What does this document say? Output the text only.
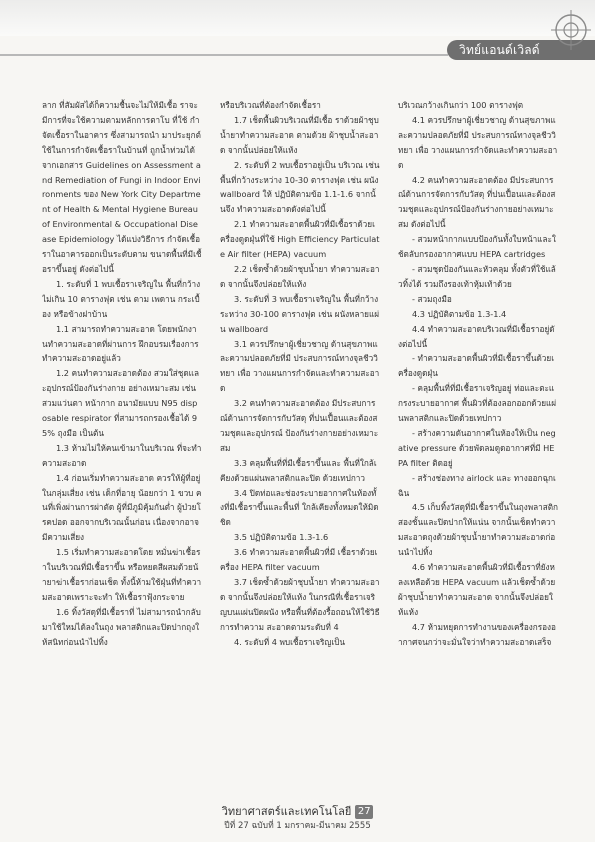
วิทย์แอนด์เวิลด์

ลาก ที่สัมผัสได้ก็ความชื้นจะไม่ให้มีเชื้อ ราจะมีการที่จะใช้ความตามหลักการตาโบ ที่ใช้ กำจัดเชื้อราในอาคาร ซึ่งสามารถนำ มาประยุกต์ใช้ในการกำจัดเชื้อราในบ้านที่ ถูกน้ำท่วมได้ จากเอกสาร Guidelines on Assessment and Remediation of Fungi in Indoor Environments ของ New York City Department of Health & Mental Hygiene Bureau of Environmental & Occupational Disease Epidemiology ได้แบ่งวิธีการ กำจัดเชื้อราในอาคารออกเป็นระดับตาม ขนาดพื้นที่มีเชื้อราขึ้นอยู่ ดังต่อไปนี้

1. ระดับที่ 1 พบเชื้อราเจริญใน พื้นที่กว้างไม่เกิน 10 ตารางฟุต เช่น ตาม เพดาน กระเบื้อง หรือข้างฝาบ้าน

1.1 สามารถทำความสะอาด โดยพนักงานทำความสะอาดที่ผ่านการ ฝึกอบรมเรื่องการทำความสะอาดอยู่แล้ว

1.2 คนทำความสะอาดต้อง สวมใส่ชุดและอุปกรณ์ป้องกันร่างกาย อย่างเหมาะสม เช่น สวมแว่นตา หน้ากาก อนามัยแบบ N95 disposable respirator ที่สามารถกรองเชื้อได้ 95% ถุงมือ เป็นต้น

1.3 ห้ามไม่ให้คนเข้ามาในบริเวณ ที่จะทำความสะอาด

1.4 ก่อนเริ่มทำความสะอาด ควรให้ผู้ที่อยู่ในกลุ่มเสี่ยง เช่น เด็กที่อายุ น้อยกว่า 1 ขวบ คนที่เพิ่งผ่านการผ่าตัด ผู้ที่มีภูมิคุ้มกันต่ำ ผู้ป่วยโรคปอด ออกจากบริเวณนั้นก่อน เนื่องจากอาจมีความเสี่ยง

1.5 เริ่มทำความสะอาดโดย หมั่นฆ่าเชื้อราในบริเวณที่มีเชื้อราขึ้น หรือหยดสีผสมด้วยน้ำยาฆ่าเชื้อราก่อนเช็ด ทั้งนี้ห้ามใช้ฝุ่นที่ทำความสะอาดเพราะจะทำ ให้เชื้อราฟุ้งกระจาย

1.6 ทิ้งวัสดุที่มีเชื้อราที่ ไม่สามารถนำกลับมาใช้ใหม่ได้ลงในถุง พลาสติกและปิดปากถุงให้สนิทก่อนนำไปทิ้ง

หรือบริเวณที่ต้องกำจัดเชื้อรา

1.7 เช็ดพื้นผิวบริเวณที่มีเชื้อ ราด้วยผ้าชุบน้ำยาทำความสะอาด ตามด้วย ผ้าชุบน้ำสะอาด จากนั้นปล่อยให้แห้ง

2. ระดับที่ 2 พบเชื้อราอยู่เป็น บริเวณ เช่นพื้นที่กว้างระหว่าง 10-30 ตารางฟุต เช่น ผนัง wallboard ให้ ปฏิบัติตามข้อ 1.1-1.6 จากนั้นจึง ทำความสะอาดดังต่อไปนี้

2.1 ทำความสะอาดพื้นผิวที่มีเชื้อราด้วยเครื่องดูดฝุ่นที่ใช้ High Efficiency Particulate Air filter (HEPA) vacuum

2.2 เช็ดซ้ำด้วยผ้าชุบน้ำยา ทำความสะอาด จากนั้นจึงปล่อยให้แห้ง

3. ระดับที่ 3 พบเชื้อราเจริญใน พื้นที่กว้างระหว่าง 30-100 ตารางฟุต เช่น ผนังหลายแผ่น wallboard

3.1 ควรปรึกษาผู้เชี่ยวชาญ ด้านสุขภาพและความปลอดภัยที่มี ประสบการณ์ทางจุลชีววิทยา เพื่อ วางแผนการกำจัดและทำความสะอาด

3.2 คนทำความสะอาดต้อง มีประสบการณ์ด้านการจัดการกับวัสดุ ที่ปนเปื้อนและต้องสวมชุดและอุปกรณ์ ป้องกันร่างกายอย่างเหมาะสม

3.3 คลุมพื้นที่ที่มีเชื้อราขึ้นและ พื้นที่ใกล้เคียงด้วยแผ่นพลาสติกและปิด ด้วยเทปกาว

3.4 ปิดท่อและช่องระบายอากาศในห้องทั้งที่มีเชื้อราขึ้นและพื้นที่ ใกล้เคียงทั้งหมดให้มิดชิด

3.5 ปฏิบัติตามข้อ 1.3-1.6

3.6 ทำความสะอาดพื้นผิวที่มี เชื้อราด้วยเครื่อง HEPA filter vacuum

3.7 เช็ดซ้ำด้วยผ้าชุบน้ำยา ทำความสะอาด จากนั้นจึงปล่อยให้แห้ง ในกรณีที่เชื้อราเจริญบนแผ่นปิดผนัง หรือพื้นที่ต้องรื้อถอนให้ใช้วิธีการทำความ สะอาดตามระดับที่ 4

4. ระดับที่ 4 พบเชื้อราเจริญเป็น

บริเวณกว้างเกินกว่า 100 ตารางฟุต

4.1 ควรปรึกษาผู้เชี่ยวชาญ ด้านสุขภาพและความปลอดภัยที่มี ประสบการณ์ทางจุลชีววิทยา เพื่อ วางแผนการกำจัดและทำความสะอาด

4.2 คนทำความสะอาดต้อง มีประสบการณ์ด้านการจัดการกับวัสดุ ที่ปนเปื้อนและต้องสวมชุดและอุปกรณ์ป้องกันร่างกายอย่างเหมาะสม ดังต่อไปนี้

- สวมหน้ากากแบบป้องกันทั้งใบหน้าและใช้ตลับกรองอากาศแบบ HEPA cartridges

- สวมชุดป้องกันและหัวคลุม ทั้งตัวที่ใช้แล้วทิ้งได้ รวมถึงรองเท้าหุ้มเท้าด้วย

- สวมถุงมือ

4.3 ปฏิบัติตามข้อ 1.3-1.4

4.4 ทำความสะอาดบริเวณที่มีเชื้อราอยู่ดังต่อไปนี้

- ทำความสะอาดพื้นผิวที่มีเชื้อราขึ้นด้วยเครื่องดูดฝุ่น

- คลุมพื้นที่ที่มีเชื้อราเจริญอยู่ ท่อและตะแกรงระบายอากาศ พื้นผิวที่ต้องลอกออกด้วยแผ่นพลาสติกและปิดด้วยเทปกาว

- สร้างความดันอากาศในห้องให้เป็น negative pressure ด้วยพัดลมดูดอากาศที่มี HEPA filter ติดอยู่

- สร้างช่องทาง airlock และ ทางออกฉุกเฉิน

4.5 เก็บทิ้งวัสดุที่มีเชื้อราขึ้นในถุงพลาสติกสองชั้นและปิดปากให้แน่น จากนั้นเช็ดทำความสะอาดถุงด้วยผ้าชุบน้ำยาทำความสะอาดก่อนนำไปทิ้ง

4.6 ทำความสะอาดพื้นผิวที่มีเชื้อราที่ยังหลงเหลือด้วย HEPA vacuum แล้วเช็ดซ้ำด้วยผ้าชุบน้ำยาทำความสะอาด จากนั้นจึงปล่อยให้แห้ง

4.7 ห้ามหยุดการทำงานของเครื่องกรองอากาศจนกว่าจะมั่นใจว่าทำความสะอาดเสร็จ

วิทยาศาสตร์และเทคโนโลยี 27
ปีที่ 27 ฉบับที่ 1 มกราคม-มีนาคม 2555
